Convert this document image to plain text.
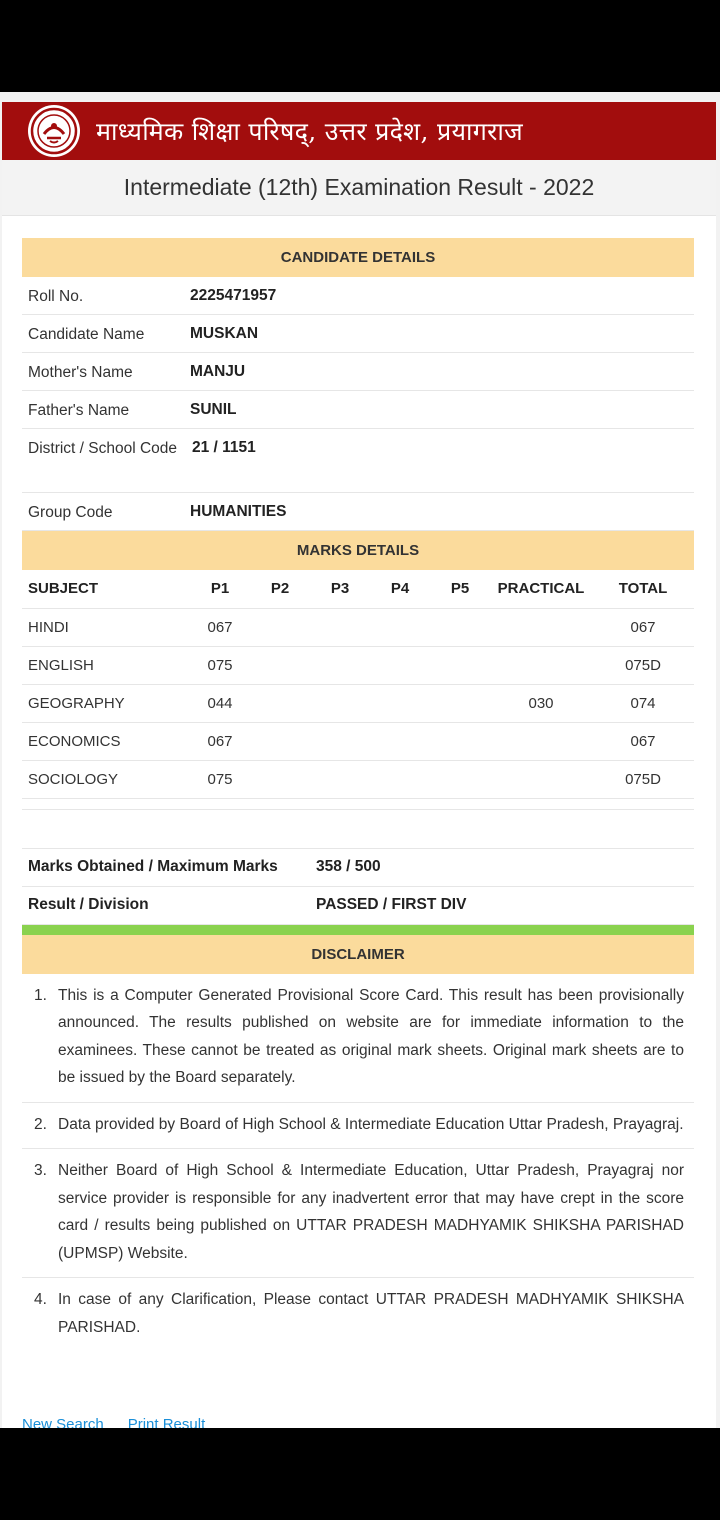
माध्यमिक शिक्षा परिषद्, उत्तर प्रदेश, प्रयागराज
Intermediate (12th) Examination Result - 2022
CANDIDATE DETAILS
Roll No.	2225471957
Candidate Name	MUSKAN
Mother's Name	MANJU
Father's Name	SUNIL
District / School Code 21 / 1151
Group Code	HUMANITIES
MARKS DETAILS
SUBJECT	P1	P2	P3	P4	P5	PRACTICAL	TOTAL
HINDI	067						067
ENGLISH	075						075D
GEOGRAPHY	044					030	074
ECONOMICS	067						067
SOCIOLOGY	075						075D

Marks Obtained / Maximum Marks	358 / 500
Result / Division	PASSED / FIRST DIV
DISCLAIMER
1. This is a Computer Generated Provisional Score Card. This result has been provisionally announced. The results published on website are for immediate information to the examinees. These cannot be treated as original mark sheets. Original mark sheets are to be issued by the Board separately.
2. Data provided by Board of High School & Intermediate Education Uttar Pradesh, Prayagraj.
3. Neither Board of High School & Intermediate Education, Uttar Pradesh, Prayagraj nor service provider is responsible for any inadvertent error that may have crept in the score card / results being published on UTTAR PRADESH MADHYAMIK SHIKSHA PARISHAD (UPMSP) Website.
4. In case of any Clarification, Please contact UTTAR PRADESH MADHYAMIK SHIKSHA PARISHAD.
New Search Print Result
